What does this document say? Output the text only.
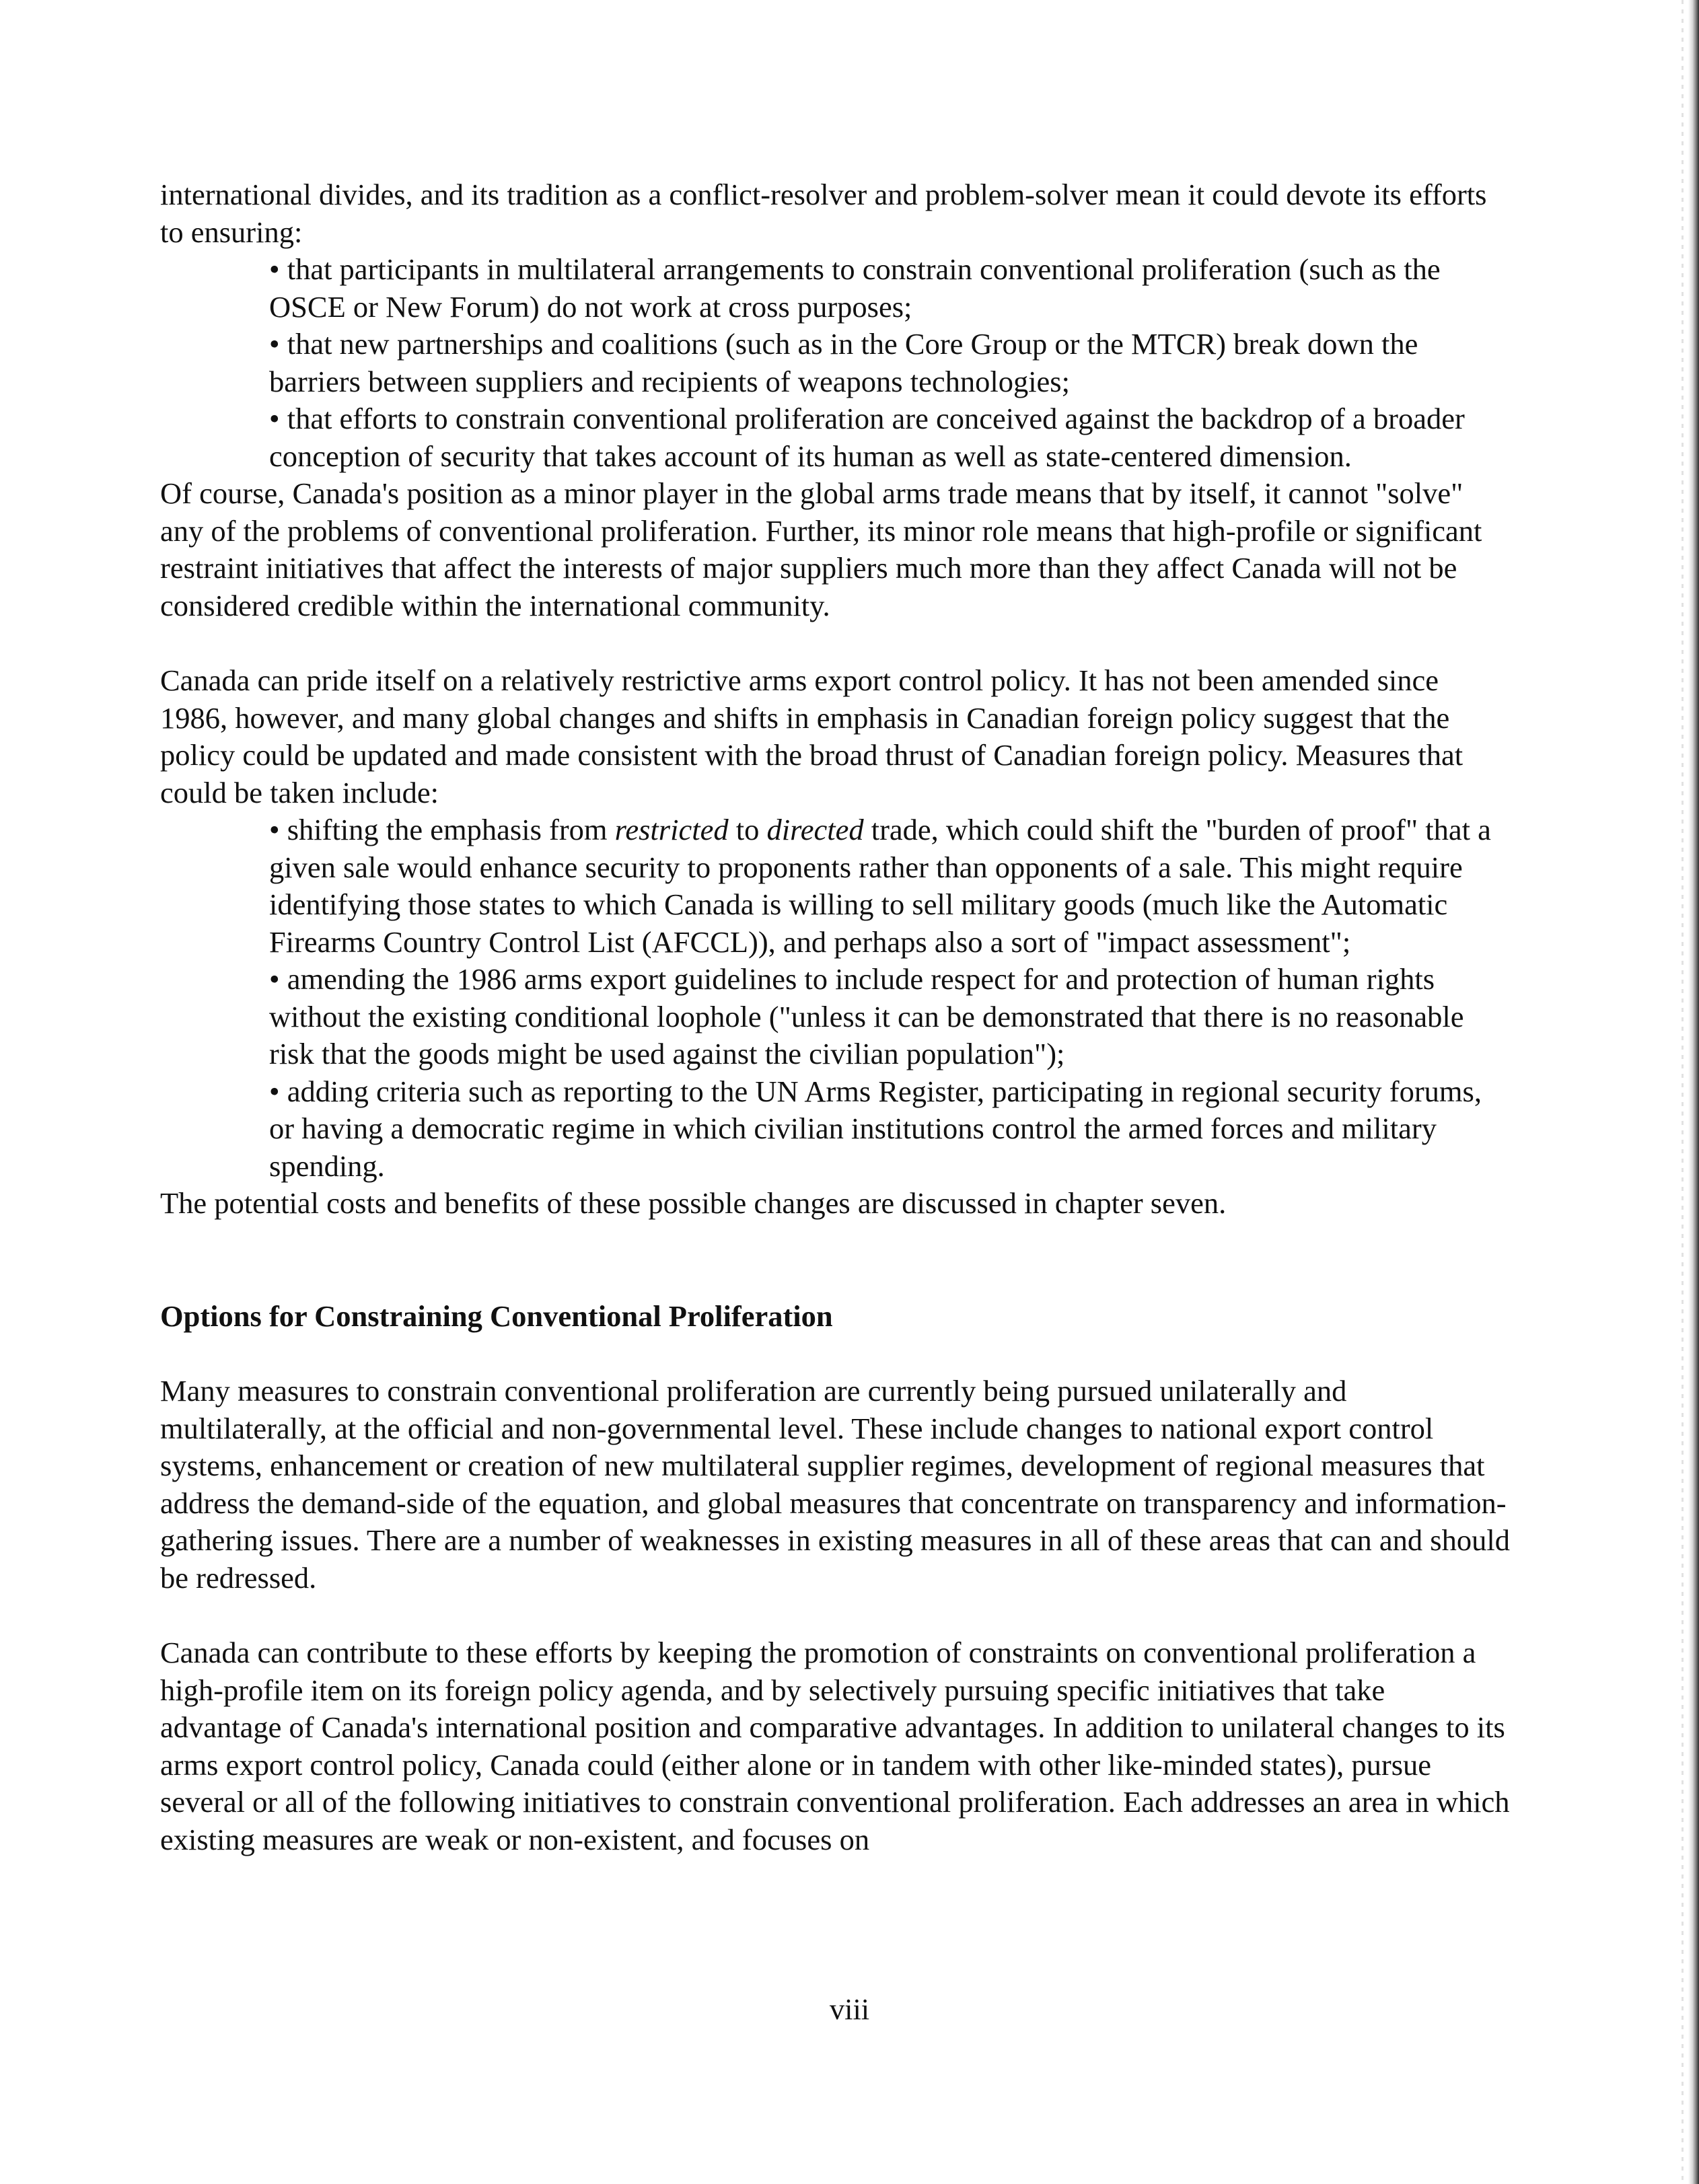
international divides, and its tradition as a conflict-resolver and problem-solver mean it could devote its efforts to ensuring:

• that participants in multilateral arrangements to constrain conventional proliferation (such as the OSCE or New Forum) do not work at cross purposes;
• that new partnerships and coalitions (such as in the Core Group or the MTCR) break down the barriers between suppliers and recipients of weapons technologies;
• that efforts to constrain conventional proliferation are conceived against the backdrop of a broader conception of security that takes account of its human as well as state-centered dimension.

Of course, Canada's position as a minor player in the global arms trade means that by itself, it cannot "solve" any of the problems of conventional proliferation. Further, its minor role means that high-profile or significant restraint initiatives that affect the interests of major suppliers much more than they affect Canada will not be considered credible within the international community.

Canada can pride itself on a relatively restrictive arms export control policy. It has not been amended since 1986, however, and many global changes and shifts in emphasis in Canadian foreign policy suggest that the policy could be updated and made consistent with the broad thrust of Canadian foreign policy. Measures that could be taken include:

• shifting the emphasis from restricted to directed trade, which could shift the "burden of proof" that a given sale would enhance security to proponents rather than opponents of a sale. This might require identifying those states to which Canada is willing to sell military goods (much like the Automatic Firearms Country Control List (AFCCL)), and perhaps also a sort of "impact assessment";
• amending the 1986 arms export guidelines to include respect for and protection of human rights without the existing conditional loophole ("unless it can be demonstrated that there is no reasonable risk that the goods might be used against the civilian population");
• adding criteria such as reporting to the UN Arms Register, participating in regional security forums, or having a democratic regime in which civilian institutions control the armed forces and military spending.

The potential costs and benefits of these possible changes are discussed in chapter seven.

Options for Constraining Conventional Proliferation

Many measures to constrain conventional proliferation are currently being pursued unilaterally and multilaterally, at the official and non-governmental level. These include changes to national export control systems, enhancement or creation of new multilateral supplier regimes, development of regional measures that address the demand-side of the equation, and global measures that concentrate on transparency and information-gathering issues. There are a number of weaknesses in existing measures in all of these areas that can and should be redressed.

Canada can contribute to these efforts by keeping the promotion of constraints on conventional proliferation a high-profile item on its foreign policy agenda, and by selectively pursuing specific initiatives that take advantage of Canada's international position and comparative advantages. In addition to unilateral changes to its arms export control policy, Canada could (either alone or in tandem with other like-minded states), pursue several or all of the following initiatives to constrain conventional proliferation. Each addresses an area in which existing measures are weak or non-existent, and focuses on

viii
